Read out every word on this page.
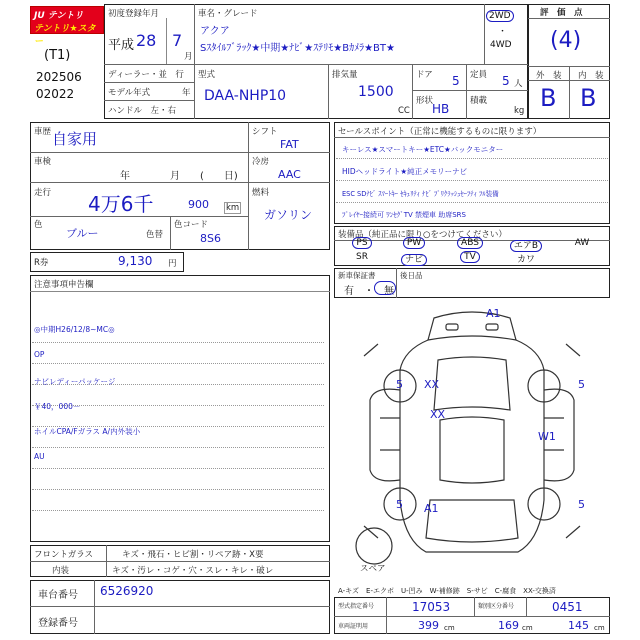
JU テントリ
テントリ★スター
(T1)
202506
02022
初度登録年月
平成 28 7
月
車名・グレード
アクア
Sｽﾀｲﾙﾌﾞﾗｯｸ★中期★ﾅﾋﾞ★ｽﾃﾘﾓ★Bｶﾒﾗ★BT★
2WD
・
4WD
ディーラー・並　行
モデル年式	年
ハンドル　左・右
型式
DAA-NHP10
排気量
1500
CC
ドア 5 定員 5 人
形状
HB
積載
kg
評　価　点
(4)
外　装 内　装
B B
車歴 自家用
車検
年	月 (　　日)
走行 4万6千	900 km
色
ブルー	色替
色コード
8S6
シフト
FAT
冷房
AAC
燃料
ガソリン
R券	9,130 円
注意事項申告欄
◎中期H26/12/8~MC◎
OP
ナビレディーパッケージ
￥40，000－
ホイルCPA/Fガラス A/内外装小
AU
セールスポイント（正常に機能するものに限ります）
キーレス★スマートキー★ETC★バックモニター
HIDヘッドライト★純正メモリーナビ
ESC SDﾅﾋﾞ ｽﾏｰﾄｷｰ ｾｷｭﾘﾃｨ ﾅﾋﾞ ﾌﾟﾘｸﾗｯｼｭｾｰﾌﾃｨ ﾌﾙ装備
ﾌﾟﾚｲﾔｰ接続可 ﾜﾝｾｸﾞTV 禁煙車 助席SRS
装備品（純正品に限り○をつけてください）
PS	PW	ABS	エアB	AW
SR	ナビ	TV	カワ
新車保証書
有　・　無
後日品
A1
XX
XX
W1
A1
5	5
5	5
スペア
フロントガラス	キズ・飛石・ヒビ割・リペア跡・X要
内装	キズ・汚レ・コゲ・穴・スレ・キレ・破レ
車台番号 6526920
登録番号
A-キズ　E-エクボ　U-凹み　W-補修跡　S-サビ　C-腐食　XX-交換済
型式指定番号	17053	類別区分番号	0451
車両証明用	399 cm	169 cm	145 cm
